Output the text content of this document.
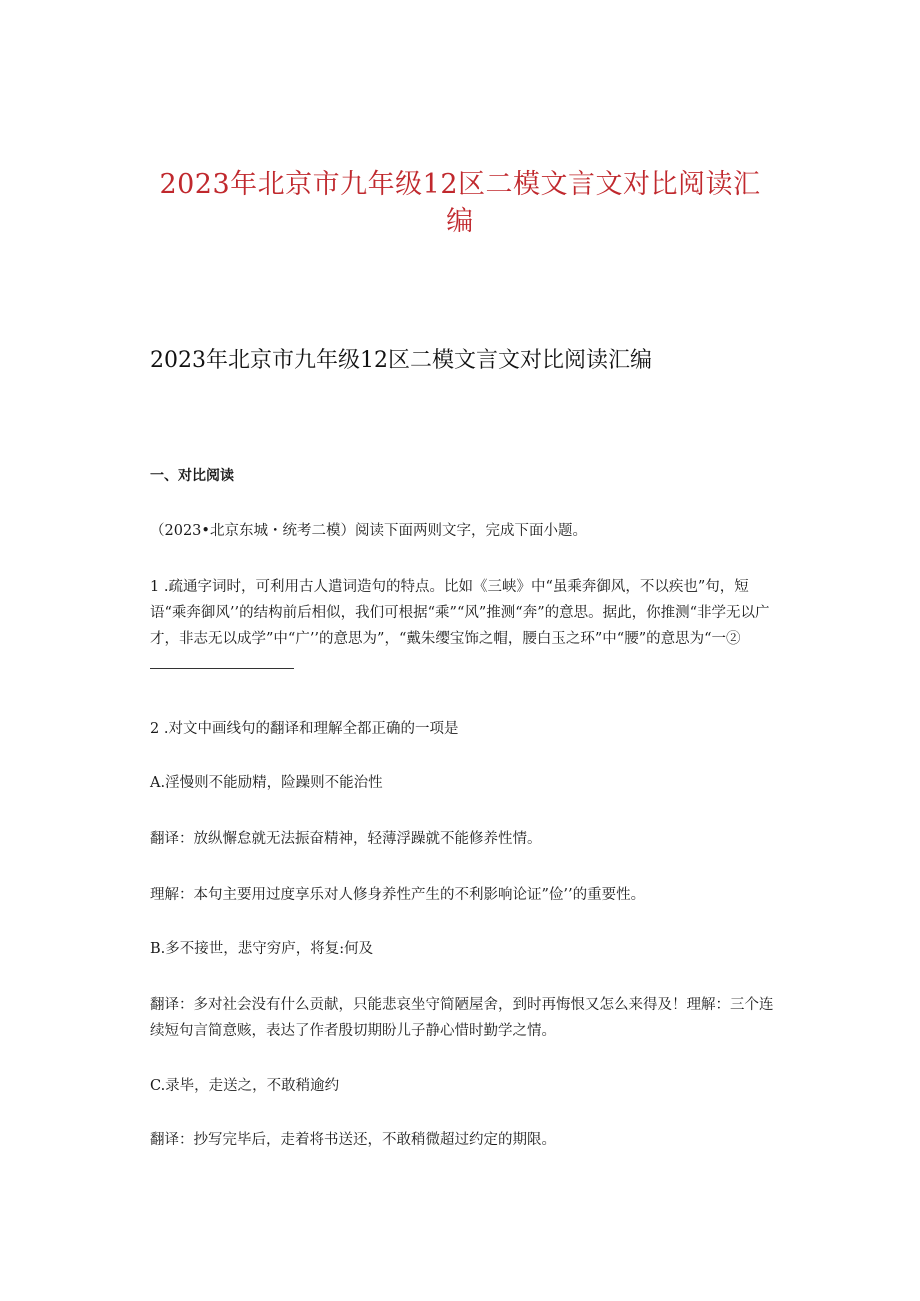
2023年北京市九年级12区二模文言文对比阅读汇
编
2023年北京市九年级12区二模文言文对比阅读汇编
一、对比阅读
（2023•北京东城・统考二模）阅读下面两则文字，完成下面小题。
1 .疏通字词时，可利用古人遣词造句的特点。比如《三峡》中“虽乘奔御风，不以疾也”句，短语“乘奔御风’’的结构前后相似，我们可根据“乘”“风”推测“奔”的意思。据此，你推测“非学无以广才，非志无以成学”中“广’’的意思为”，“戴朱缨宝饰之帽，腰白玉之环”中“腰”的意思为“一②
2 .对文中画线句的翻译和理解全都正确的一项是
A.淫慢则不能励精，险躁则不能治性
翻译：放纵懈怠就无法振奋精神，轻薄浮躁就不能修养性情。
理解：本句主要用过度享乐对人修身养性产生的不利影响论证”俭’’的重要性。
B.多不接世，悲守穷庐，将复:何及
翻译：多对社会没有什么贡献，只能悲哀坐守简陋屋舍，到时再悔恨又怎么来得及！理解：三个连续短句言简意赅，表达了作者殷切期盼儿子静心惜时勤学之情。
C.录毕，走送之，不敢稍逾约
翻译：抄写完毕后，走着将书送还，不敢稍微超过约定的期限。
